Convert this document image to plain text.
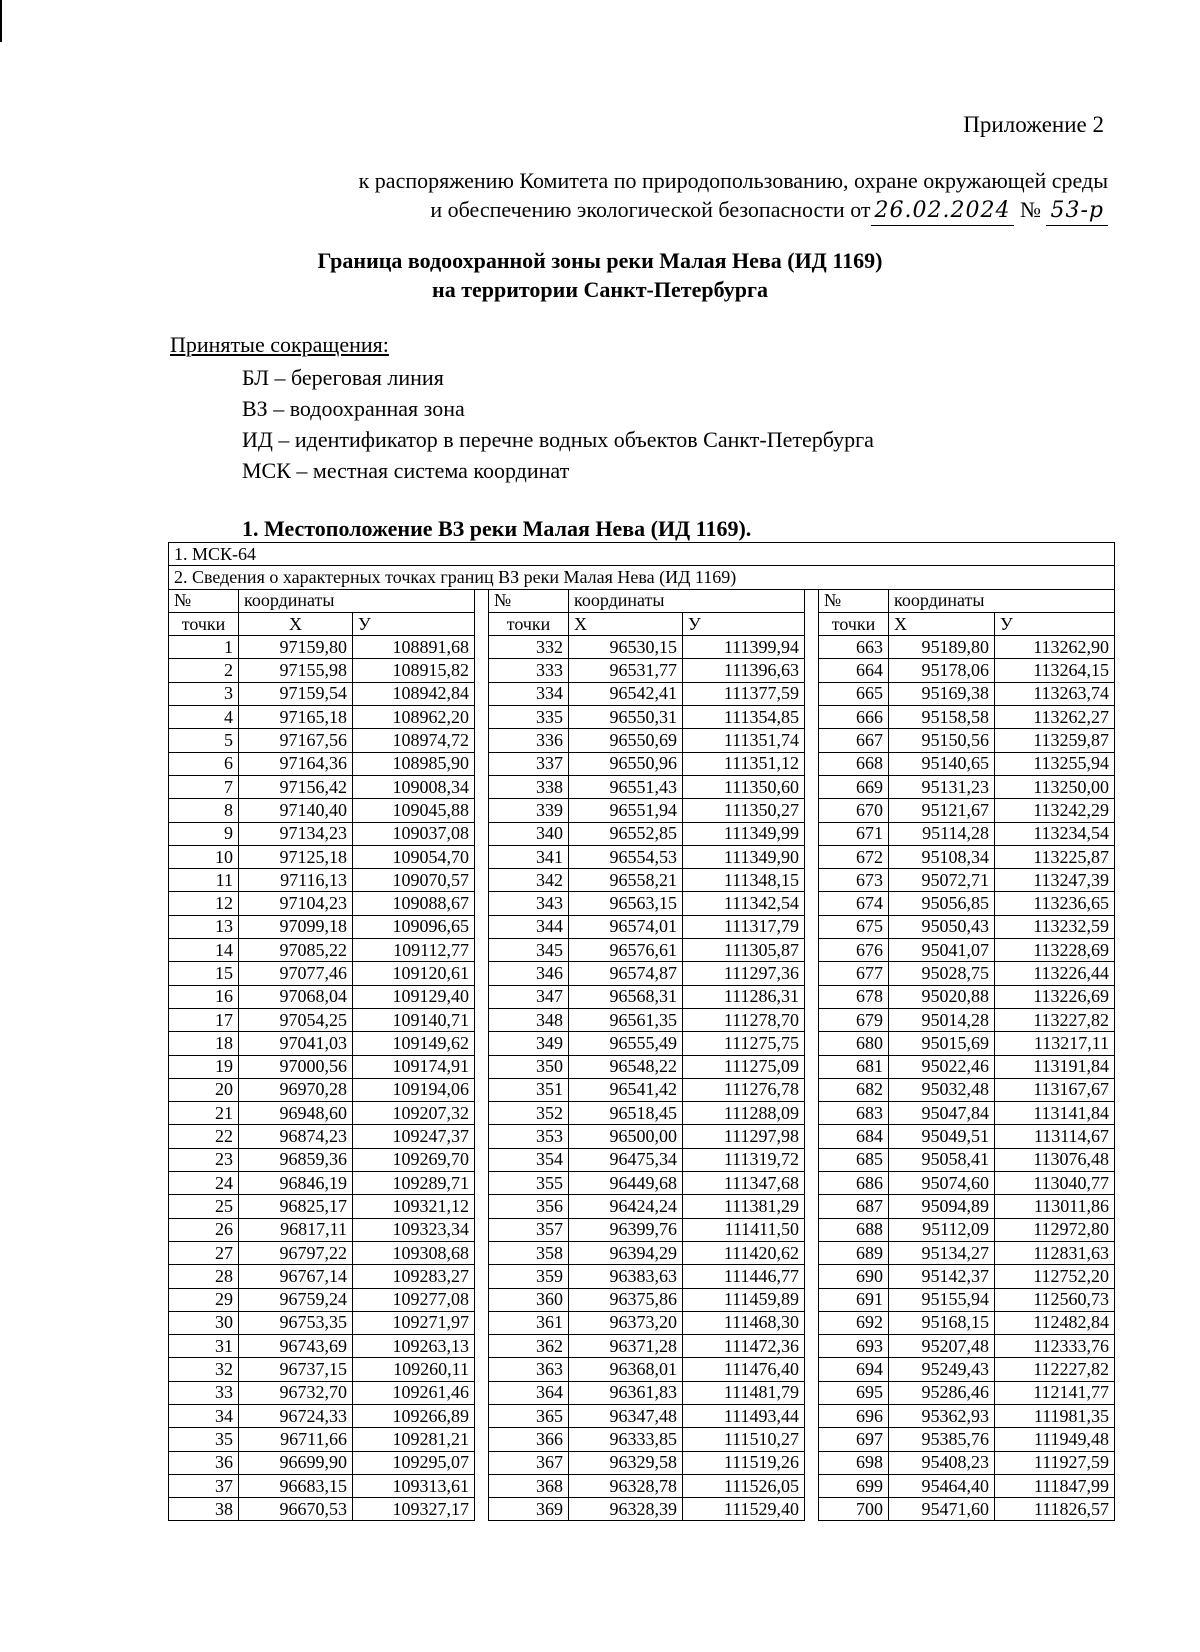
Приложение 2
к распоряжению Комитета по природопользованию, охране окружающей среды
и обеспечению экологической безопасности от 26.02.2024 № 53-р
Граница водоохранной зоны реки Малая Нева (ИД 1169)
на территории Санкт-Петербурга
Принятые сокращения:
БЛ – береговая линия
ВЗ – водоохранная зона
ИД – идентификатор в перечне водных объектов Санкт-Петербурга
МСК – местная система координат
1. Местоположение ВЗ реки Малая Нева (ИД 1169).
1. МСК-64										
2. Сведения о характерных точках границ ВЗ реки Малая Нева (ИД 1169)										
№	координаты			№	координаты			№	координаты	
точки	X	У		точки	X	У		точки	X	У
1	97159,80	108891,68		332	96530,15	111399,94		663	95189,80	113262,90
2	97155,98	108915,82		333	96531,77	111396,63		664	95178,06	113264,15
3	97159,54	108942,84		334	96542,41	111377,59		665	95169,38	113263,74
4	97165,18	108962,20		335	96550,31	111354,85		666	95158,58	113262,27
5	97167,56	108974,72		336	96550,69	111351,74		667	95150,56	113259,87
6	97164,36	108985,90		337	96550,96	111351,12		668	95140,65	113255,94
7	97156,42	109008,34		338	96551,43	111350,60		669	95131,23	113250,00
8	97140,40	109045,88		339	96551,94	111350,27		670	95121,67	113242,29
9	97134,23	109037,08		340	96552,85	111349,99		671	95114,28	113234,54
10	97125,18	109054,70		341	96554,53	111349,90		672	95108,34	113225,87
11	97116,13	109070,57		342	96558,21	111348,15		673	95072,71	113247,39
12	97104,23	109088,67		343	96563,15	111342,54		674	95056,85	113236,65
13	97099,18	109096,65		344	96574,01	111317,79		675	95050,43	113232,59
14	97085,22	109112,77		345	96576,61	111305,87		676	95041,07	113228,69
15	97077,46	109120,61		346	96574,87	111297,36		677	95028,75	113226,44
16	97068,04	109129,40		347	96568,31	111286,31		678	95020,88	113226,69
17	97054,25	109140,71		348	96561,35	111278,70		679	95014,28	113227,82
18	97041,03	109149,62		349	96555,49	111275,75		680	95015,69	113217,11
19	97000,56	109174,91		350	96548,22	111275,09		681	95022,46	113191,84
20	96970,28	109194,06		351	96541,42	111276,78		682	95032,48	113167,67
21	96948,60	109207,32		352	96518,45	111288,09		683	95047,84	113141,84
22	96874,23	109247,37		353	96500,00	111297,98		684	95049,51	113114,67
23	96859,36	109269,70		354	96475,34	111319,72		685	95058,41	113076,48
24	96846,19	109289,71		355	96449,68	111347,68		686	95074,60	113040,77
25	96825,17	109321,12		356	96424,24	111381,29		687	95094,89	113011,86
26	96817,11	109323,34		357	96399,76	111411,50		688	95112,09	112972,80
27	96797,22	109308,68		358	96394,29	111420,62		689	95134,27	112831,63
28	96767,14	109283,27		359	96383,63	111446,77		690	95142,37	112752,20
29	96759,24	109277,08		360	96375,86	111459,89		691	95155,94	112560,73
30	96753,35	109271,97		361	96373,20	111468,30		692	95168,15	112482,84
31	96743,69	109263,13		362	96371,28	111472,36		693	95207,48	112333,76
32	96737,15	109260,11		363	96368,01	111476,40		694	95249,43	112227,82
33	96732,70	109261,46		364	96361,83	111481,79		695	95286,46	112141,77
34	96724,33	109266,89		365	96347,48	111493,44		696	95362,93	111981,35
35	96711,66	109281,21		366	96333,85	111510,27		697	95385,76	111949,48
36	96699,90	109295,07		367	96329,58	111519,26		698	95408,23	111927,59
37	96683,15	109313,61		368	96328,78	111526,05		699	95464,40	111847,99
38	96670,53	109327,17		369	96328,39	111529,40		700	95471,60	111826,57
